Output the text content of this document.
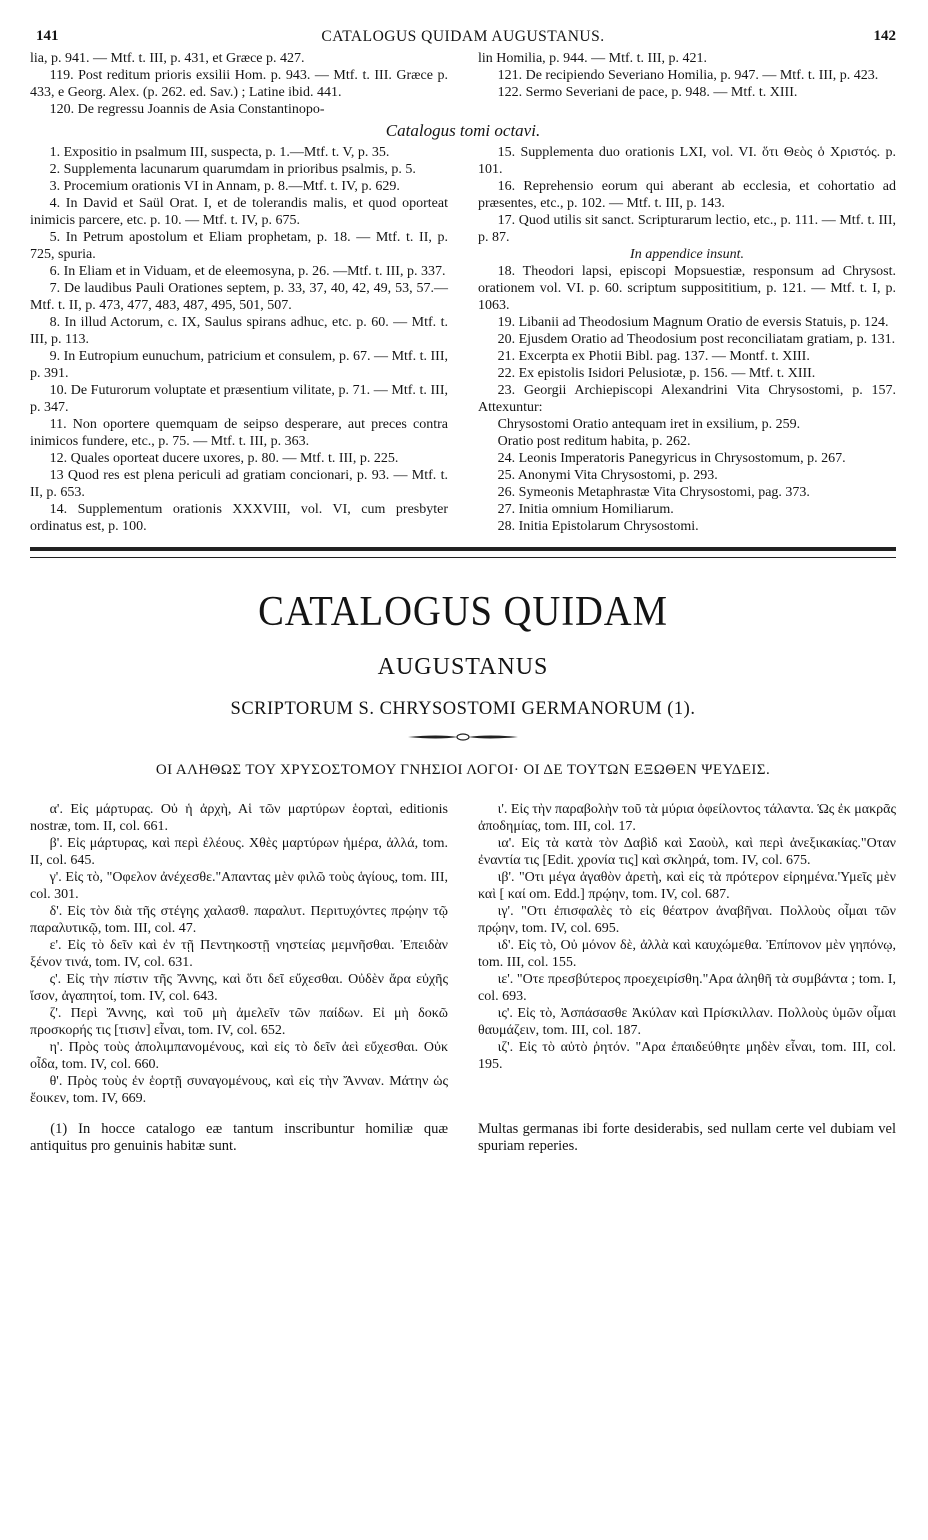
141	CATALOGUS QUIDAM AUGUSTANUS.	142

lia, p. 941. — Mtf. t. III, p. 431, et Græce p. 427.

119. Post reditum prioris exsilii Hom. p. 943. — Mtf. t. III. Græce p. 433, e Georg. Alex. (p. 262. ed. Sav.) ; Latine ibid. 441.

120. De regressu Joannis de Asia Constantinopo-

lin Homilia, p. 944. — Mtf. t. III, p. 421.

121. De recipiendo Severiano Homilia, p. 947. — Mtf. t. III, p. 423.

122. Sermo Severiani de pace, p. 948. — Mtf. t. XIII.

Catalogus tomi octavi.

1. Expositio in psalmum III, suspecta, p. 1.—Mtf. t. V, p. 35.

2. Supplementa lacunarum quarumdam in prioribus psalmis, p. 5.

3. Procemium orationis VI in Annam, p. 8.—Mtf. t. IV, p. 629.

4. In David et Saül Orat. I, et de tolerandis malis, et quod oporteat inimicis parcere, etc. p. 10. — Mtf. t. IV, p. 675.

5. In Petrum apostolum et Eliam prophetam, p. 18. — Mtf. t. II, p. 725, spuria.

6. In Eliam et in Viduam, et de eleemosyna, p. 26. —Mtf. t. III, p. 337.

7. De laudibus Pauli Orationes septem, p. 33, 37, 40, 42, 49, 53, 57.—Mtf. t. II, p. 473, 477, 483, 487, 495, 501, 507.

8. In illud Actorum, c. IX, Saulus spirans adhuc, etc. p. 60. — Mtf. t. III, p. 113.

9. In Eutropium eunuchum, patricium et consulem, p. 67. — Mtf. t. III, p. 391.

10. De Futurorum voluptate et præsentium vilitate, p. 71. — Mtf. t. III, p. 347.

11. Non oportere quemquam de seipso desperare, aut preces contra inimicos fundere, etc., p. 75. — Mtf. t. III, p. 363.

12. Quales oporteat ducere uxores, p. 80. — Mtf. t. III, p. 225.

13 Quod res est plena periculi ad gratiam concionari, p. 93. — Mtf. t. II, p. 653.

14. Supplementum orationis XXXVIII, vol. VI, cum presbyter ordinatus est, p. 100.

15. Supplementa duo orationis LXI, vol. VI. ὅτι Θεὸς ὁ Χριστός. p. 101.

16. Reprehensio eorum qui aberant ab ecclesia, et cohortatio ad præsentes, etc., p. 102. — Mtf. t. III, p. 143.

17. Quod utilis sit sanct. Scripturarum lectio, etc., p. 111. — Mtf. t. III, p. 87.

In appendice insunt.

18. Theodori lapsi, episcopi Mopsuestiæ, responsum ad Chrysost. orationem vol. VI. p. 60. scriptum supposititium, p. 121. — Mtf. t. I, p. 1063.

19. Libanii ad Theodosium Magnum Oratio de eversis Statuis, p. 124.

20. Ejusdem Oratio ad Theodosium post reconciliatam gratiam, p. 131.

21. Excerpta ex Photii Bibl. pag. 137. — Montf. t. XIII.

22. Ex epistolis Isidori Pelusiotæ, p. 156. — Mtf. t. XIII.

23. Georgii Archiepiscopi Alexandrini Vita Chrysostomi, p. 157. Attexuntur:

Chrysostomi Oratio antequam iret in exsilium, p. 259.

Oratio post reditum habita, p. 262.

24. Leonis Imperatoris Panegyricus in Chrysostomum, p. 267.

25. Anonymi Vita Chrysostomi, p. 293.

26. Symeonis Metaphrastæ Vita Chrysostomi, pag. 373.

27. Initia omnium Homiliarum.

28. Initia Epistolarum Chrysostomi.

CATALOGUS QUIDAM
AUGUSTANUS
SCRIPTORUM S. CHRYSOSTOMI GERMANORUM (1).
ΟΙ ΑΛΗΘΩΣ ΤΟΥ ΧΡΥΣΟΣΤΟΜΟΥ ΓΝΗΣΙΟΙ ΛΟΓΟΙ· ΟΙ ΔΕ ΤΟΥΤΩΝ ΕΞΩΘΕΝ ΨΕΥΔΕΙΣ.

α'. Εἰς μάρτυρας. Οὐ ἡ ἀρχὴ, Αἱ τῶν μαρτύρων ἑορταὶ, editionis nostræ, tom. II, col. 661.

β'. Εἰς μάρτυρας, καὶ περὶ ἐλέους. Χθὲς μαρτύρων ἡμέρα, ἀλλά, tom. II, col. 645.

γ'. Εἰς τὸ, "Οφελον ἀνέχεσθε."Απαντας μὲν φιλῶ τοὺς ἁγίους, tom. III, col. 301.

δ'. Εἰς τὸν διὰ τῆς στέγης χαλασθ. παραλυτ. Περιτυχόντες πρῴην τῷ παραλυτικῷ, tom. III, col. 47.

ε'. Εἰς τὸ δεῖν καὶ ἐν τῇ Πεντηκοστῇ νηστείας μεμνῆσθαι. Ἐπειδὰν ξένον τινά, tom. IV, col. 631.

ς'. Εἰς τὴν πίστιν τῆς Ἄννης, καὶ ὅτι δεῖ εὔχεσθαι. Οὐδὲν ἄρα εὐχῆς ἴσον, ἀγαπητοί, tom. IV, col. 643.

ζ'. Περὶ Ἄννης, καὶ τοῦ μὴ ἀμελεῖν τῶν παίδων. Εἰ μὴ δοκῶ προσκορής τις [τισιν] εἶναι, tom. IV, col. 652.

η'. Πρὸς τοὺς ἀπολιμπανομένους, καὶ εἰς τὸ δεῖν ἀεὶ εὔχεσθαι. Οὐκ οἶδα, tom. IV, col. 660.

θ'. Πρὸς τοὺς ἐν ἑορτῇ συναγομένους, καὶ εἰς τὴν Ἄνναν. Μάτην ὡς ἔοικεν, tom. IV, 669.

ι'. Εἰς τὴν παραβολὴν τοῦ τὰ μύρια ὀφείλοντος τάλαντα. Ὡς ἐκ μακρᾶς ἀποδημίας, tom. III, col. 17.

ια'. Εἰς τὰ κατὰ τὸν Δαβὶδ καὶ Σαοὺλ, καὶ περὶ ἀνεξικακίας."Οταν ἐναντία τις [Edit. χρονία τις] καὶ σκληρά, tom. IV, col. 675.

ιβ'. "Οτι μέγα ἀγαθὸν ἀρετὴ, καὶ εἰς τὰ πρότερον εἰρημένα.'Υμεῖς μὲν καὶ [ καί om. Edd.] πρῴην, tom. IV, col. 687.

ιγ'. "Οτι ἐπισφαλὲς τὸ εἰς θέατρον ἀναβῆναι. Πολλοὺς οἶμαι τῶν πρῴην, tom. IV, col. 695.

ιδ'. Εἰς τὸ, Οὐ μόνον δὲ, ἀλλὰ καὶ καυχώμεθα. Ἐπίπονον μὲν γηπόνῳ, tom. III, col. 155.

ιε'. "Οτε πρεσβύτερος προεχειρίσθη."Αρα ἀληθῆ τὰ συμβάντα ; tom. I, col. 693.

ις'. Εἰς τὸ, Ἀσπάσασθε Ἀκύλαν καὶ Πρίσκιλλαν. Πολλοὺς ὑμῶν οἶμαι θαυμάζειν, tom. III, col. 187.

ιζ'. Εἰς τὸ αὐτὸ ῥητόν. "Αρα ἐπαιδεύθητε μηδὲν εἶναι, tom. III, col. 195.

(1) In hocce catalogo eæ tantum inscribuntur homiliæ quæ antiquitus pro genuinis habitæ sunt.

Multas germanas ibi forte desiderabis, sed nullam certe vel dubiam vel spuriam reperies.
